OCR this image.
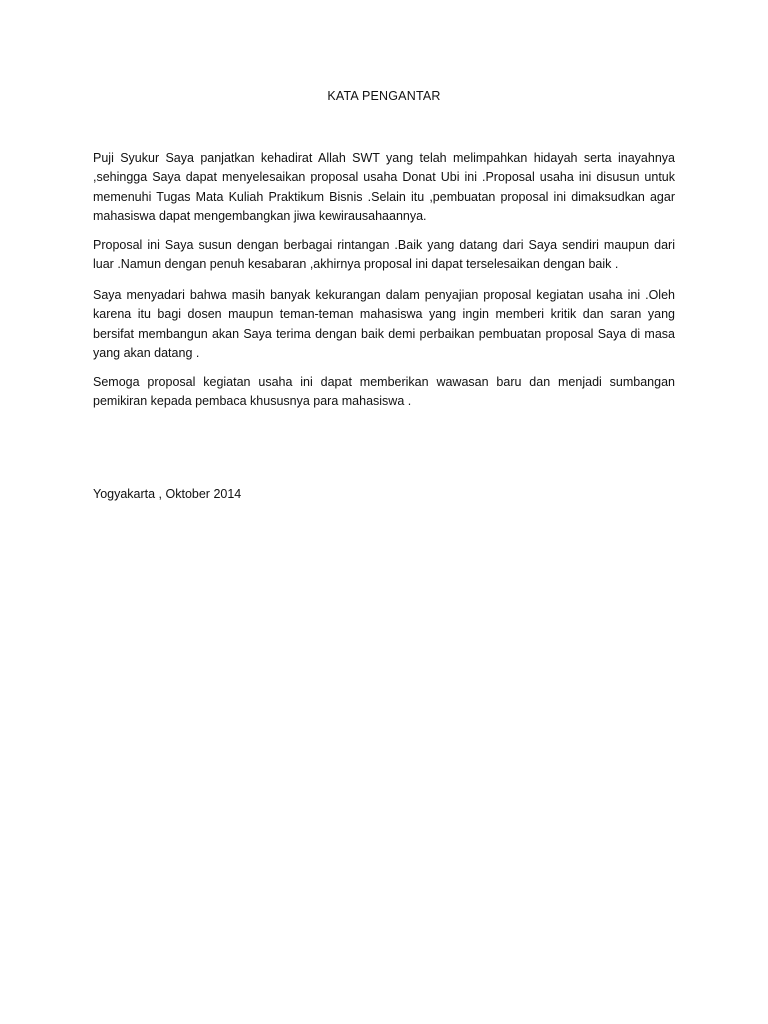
KATA PENGANTAR

Puji Syukur Saya panjatkan kehadirat Allah SWT yang telah melimpahkan hidayah serta inayahnya ,sehingga Saya dapat menyelesaikan proposal usaha Donat Ubi ini .Proposal usaha ini disusun untuk memenuhi Tugas Mata Kuliah Praktikum Bisnis .Selain itu ,pembuatan proposal ini dimaksudkan agar mahasiswa dapat mengembangkan jiwa kewirausahaannya.

Proposal ini Saya susun dengan berbagai rintangan .Baik yang datang dari Saya sendiri maupun dari luar .Namun dengan penuh kesabaran ,akhirnya proposal ini dapat terselesaikan dengan baik .

Saya menyadari bahwa masih banyak kekurangan dalam penyajian proposal kegiatan usaha ini .Oleh karena itu bagi dosen maupun teman-teman mahasiswa yang ingin memberi kritik dan saran yang bersifat membangun akan Saya terima dengan baik demi perbaikan pembuatan proposal Saya di masa yang akan datang .

Semoga proposal kegiatan usaha ini dapat memberikan wawasan baru dan menjadi sumbangan pemikiran kepada pembaca khususnya para mahasiswa .

Yogyakarta , Oktober 2014
